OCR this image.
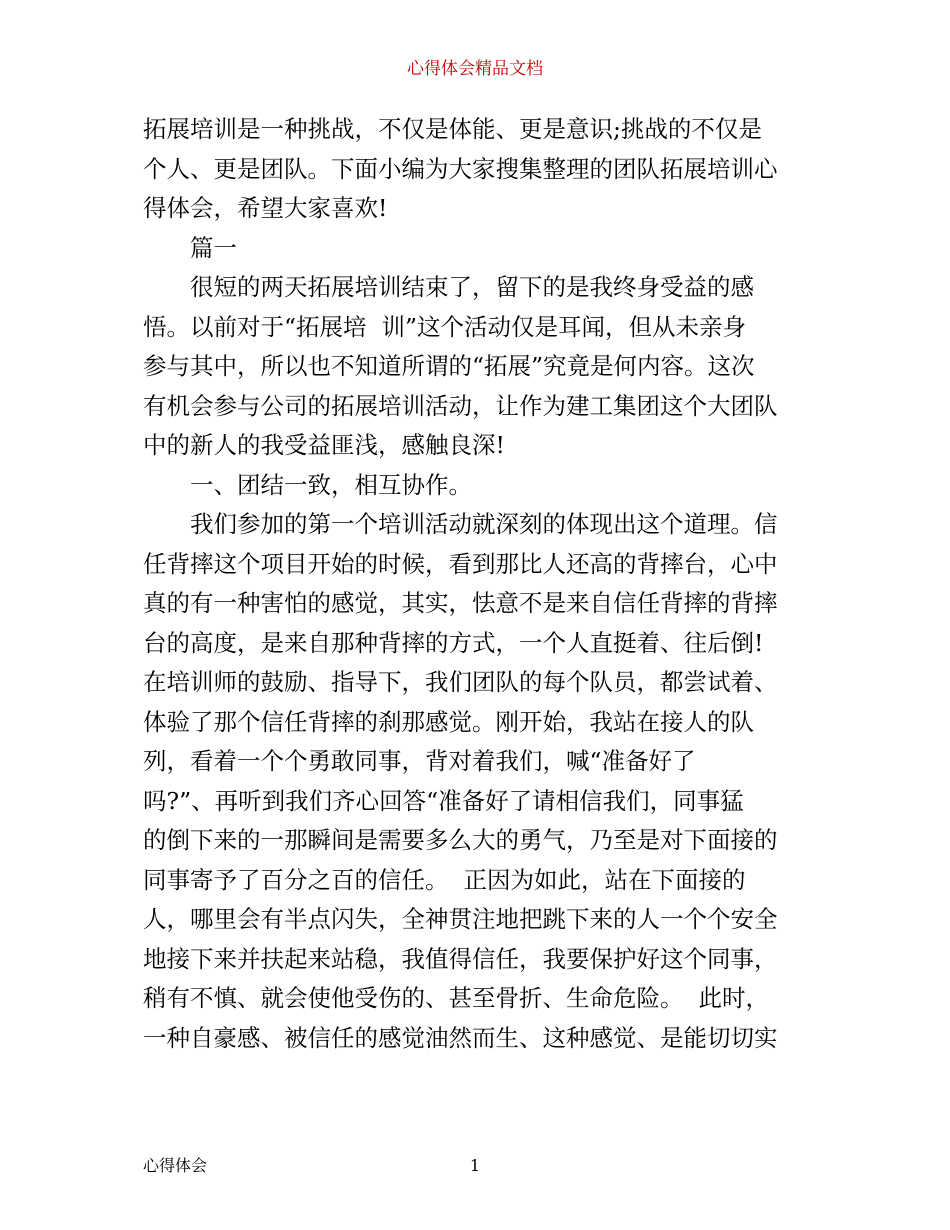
心得体会精品文档
拓展培训是一种挑战，不仅是体能、更是意识;挑战的不仅是
个人、更是团队。下面小编为大家搜集整理的团队拓展培训心
得体会，希望大家喜欢!
篇一
很短的两天拓展培训结束了，留下的是我终身受益的感
悟。以前对于“拓展培  训”这个活动仅是耳闻，但从未亲身
参与其中，所以也不知道所谓的“拓展”究竟是何内容。这次
有机会参与公司的拓展培训活动，让作为建工集团这个大团队
中的新人的我受益匪浅，感触良深!
一、团结一致，相互协作。
我们参加的第一个培训活动就深刻的体现出这个道理。信
任背摔这个项目开始的时候，看到那比人还高的背摔台，心中
真的有一种害怕的感觉，其实，怯意不是来自信任背摔的背摔
台的高度，是来自那种背摔的方式，一个人直挺着、往后倒!
在培训师的鼓励、指导下，我们团队的每个队员，都尝试着、
体验了那个信任背摔的刹那感觉。刚开始，我站在接人的队
列，看着一个个勇敢同事，背对着我们，喊“准备好了
吗?”、再听到我们齐心回答“准备好了请相信我们，同事猛
的倒下来的一那瞬间是需要多么大的勇气，乃至是对下面接的
同事寄予了百分之百的信任。  正因为如此，站在下面接的
人，哪里会有半点闪失，全神贯注地把跳下来的人一个个安全
地接下来并扶起来站稳，我值得信任，我要保护好这个同事，
稍有不慎、就会使他受伤的、甚至骨折、生命危险。  此时，
一种自豪感、被信任的感觉油然而生、这种感觉、是能切切实
心得体会	1
